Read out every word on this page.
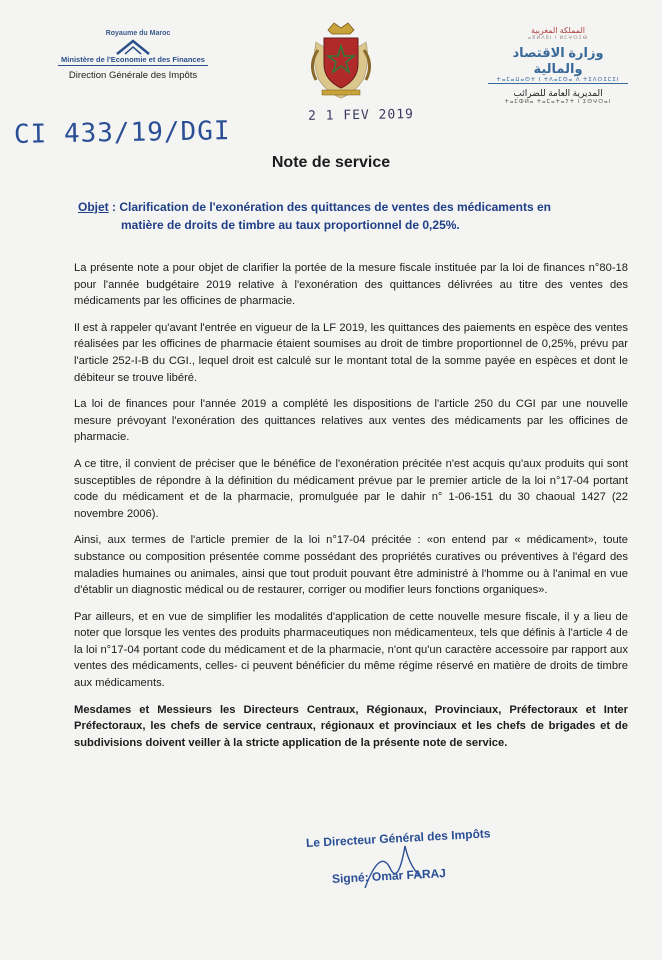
Royaume du Maroc
Ministère de l'Economie et des Finances
Direction Générale des Impôts
المملكة المغربية
ⴰⴳⵍⴷⵓⵏ ⵏ ⵍⵎⵖⵔⵉⴱ
وزارة الاقتصاد والمالية
ⵜⴰⵎⴰⵡⴰⵙⵜ ⵏ ⵜⴷⴰⵎⵙⴰ ⴷ ⵜⵉⴷⵔⵉⵎⵉⵏ
المديرية العامة للضرائب
ⵜⴰⵎⵀⵍⴰ ⵜⴰⵎⴰⵜⴰⵢⵜ ⵏ ⵉⵙⵖⵔⴰⵏ
CI 433/19/DGI
2 1 FEV 2019
Note de service
Objet : Clarification de l'exonération des quittances de ventes des médicaments en
matière de droits de timbre au taux proportionnel de 0,25%.

La présente note a pour objet de clarifier la portée de la mesure fiscale instituée par la loi de finances n°80-18 pour l'année budgétaire 2019 relative à l'exonération des quittances délivrées au titre des ventes des médicaments par les officines de pharmacie.

Il est à rappeler qu'avant l'entrée en vigueur de la LF 2019, les quittances des paiements en espèce des ventes réalisées par les officines de pharmacie étaient soumises au droit de timbre proportionnel de 0,25%, prévu par l'article 252-I-B du CGI., lequel droit est calculé sur le montant total de la somme payée en espèces et dont le débiteur se trouve libéré.

La loi de finances pour l'année 2019 a complété les dispositions de l'article 250 du CGI par une nouvelle mesure prévoyant l'exonération des quittances relatives aux ventes des médicaments par les officines de pharmacie.

A ce titre, il convient de préciser que le bénéfice de l'exonération précitée n'est acquis qu'aux produits qui sont susceptibles de répondre à la définition du médicament prévue par le premier article de la loi n°17-04 portant code du médicament et de la pharmacie, promulguée par le dahir n° 1-06-151 du 30 chaoual 1427 (22 novembre 2006).

Ainsi, aux termes de l'article premier de la loi n°17-04 précitée : «on entend par « médicament», toute substance ou composition présentée comme possédant des propriétés curatives ou préventives à l'égard des maladies humaines ou animales, ainsi que tout produit pouvant être administré à l'homme ou à l'animal en vue d'établir un diagnostic médical ou de restaurer, corriger ou modifier leurs fonctions organiques».

Par ailleurs, et en vue de simplifier les modalités d'application de cette nouvelle mesure fiscale, il y a lieu de noter que lorsque les ventes des produits pharmaceutiques non médicamenteux, tels que définis à l'article 4 de la loi n°17-04 portant code du médicament et de la pharmacie, n'ont qu'un caractère accessoire par rapport aux ventes des médicaments, celles- ci peuvent bénéficier du même régime réservé en matière de droits de timbre aux médicaments.

Mesdames et Messieurs les Directeurs Centraux, Régionaux, Provinciaux, Préfectoraux et Inter Préfectoraux, les chefs de service centraux, régionaux et provinciaux et les chefs de brigades et de subdivisions doivent veiller à la stricte application de la présente note de service.

Le Directeur Général des Impôts
Signé: Omar FARAJ
